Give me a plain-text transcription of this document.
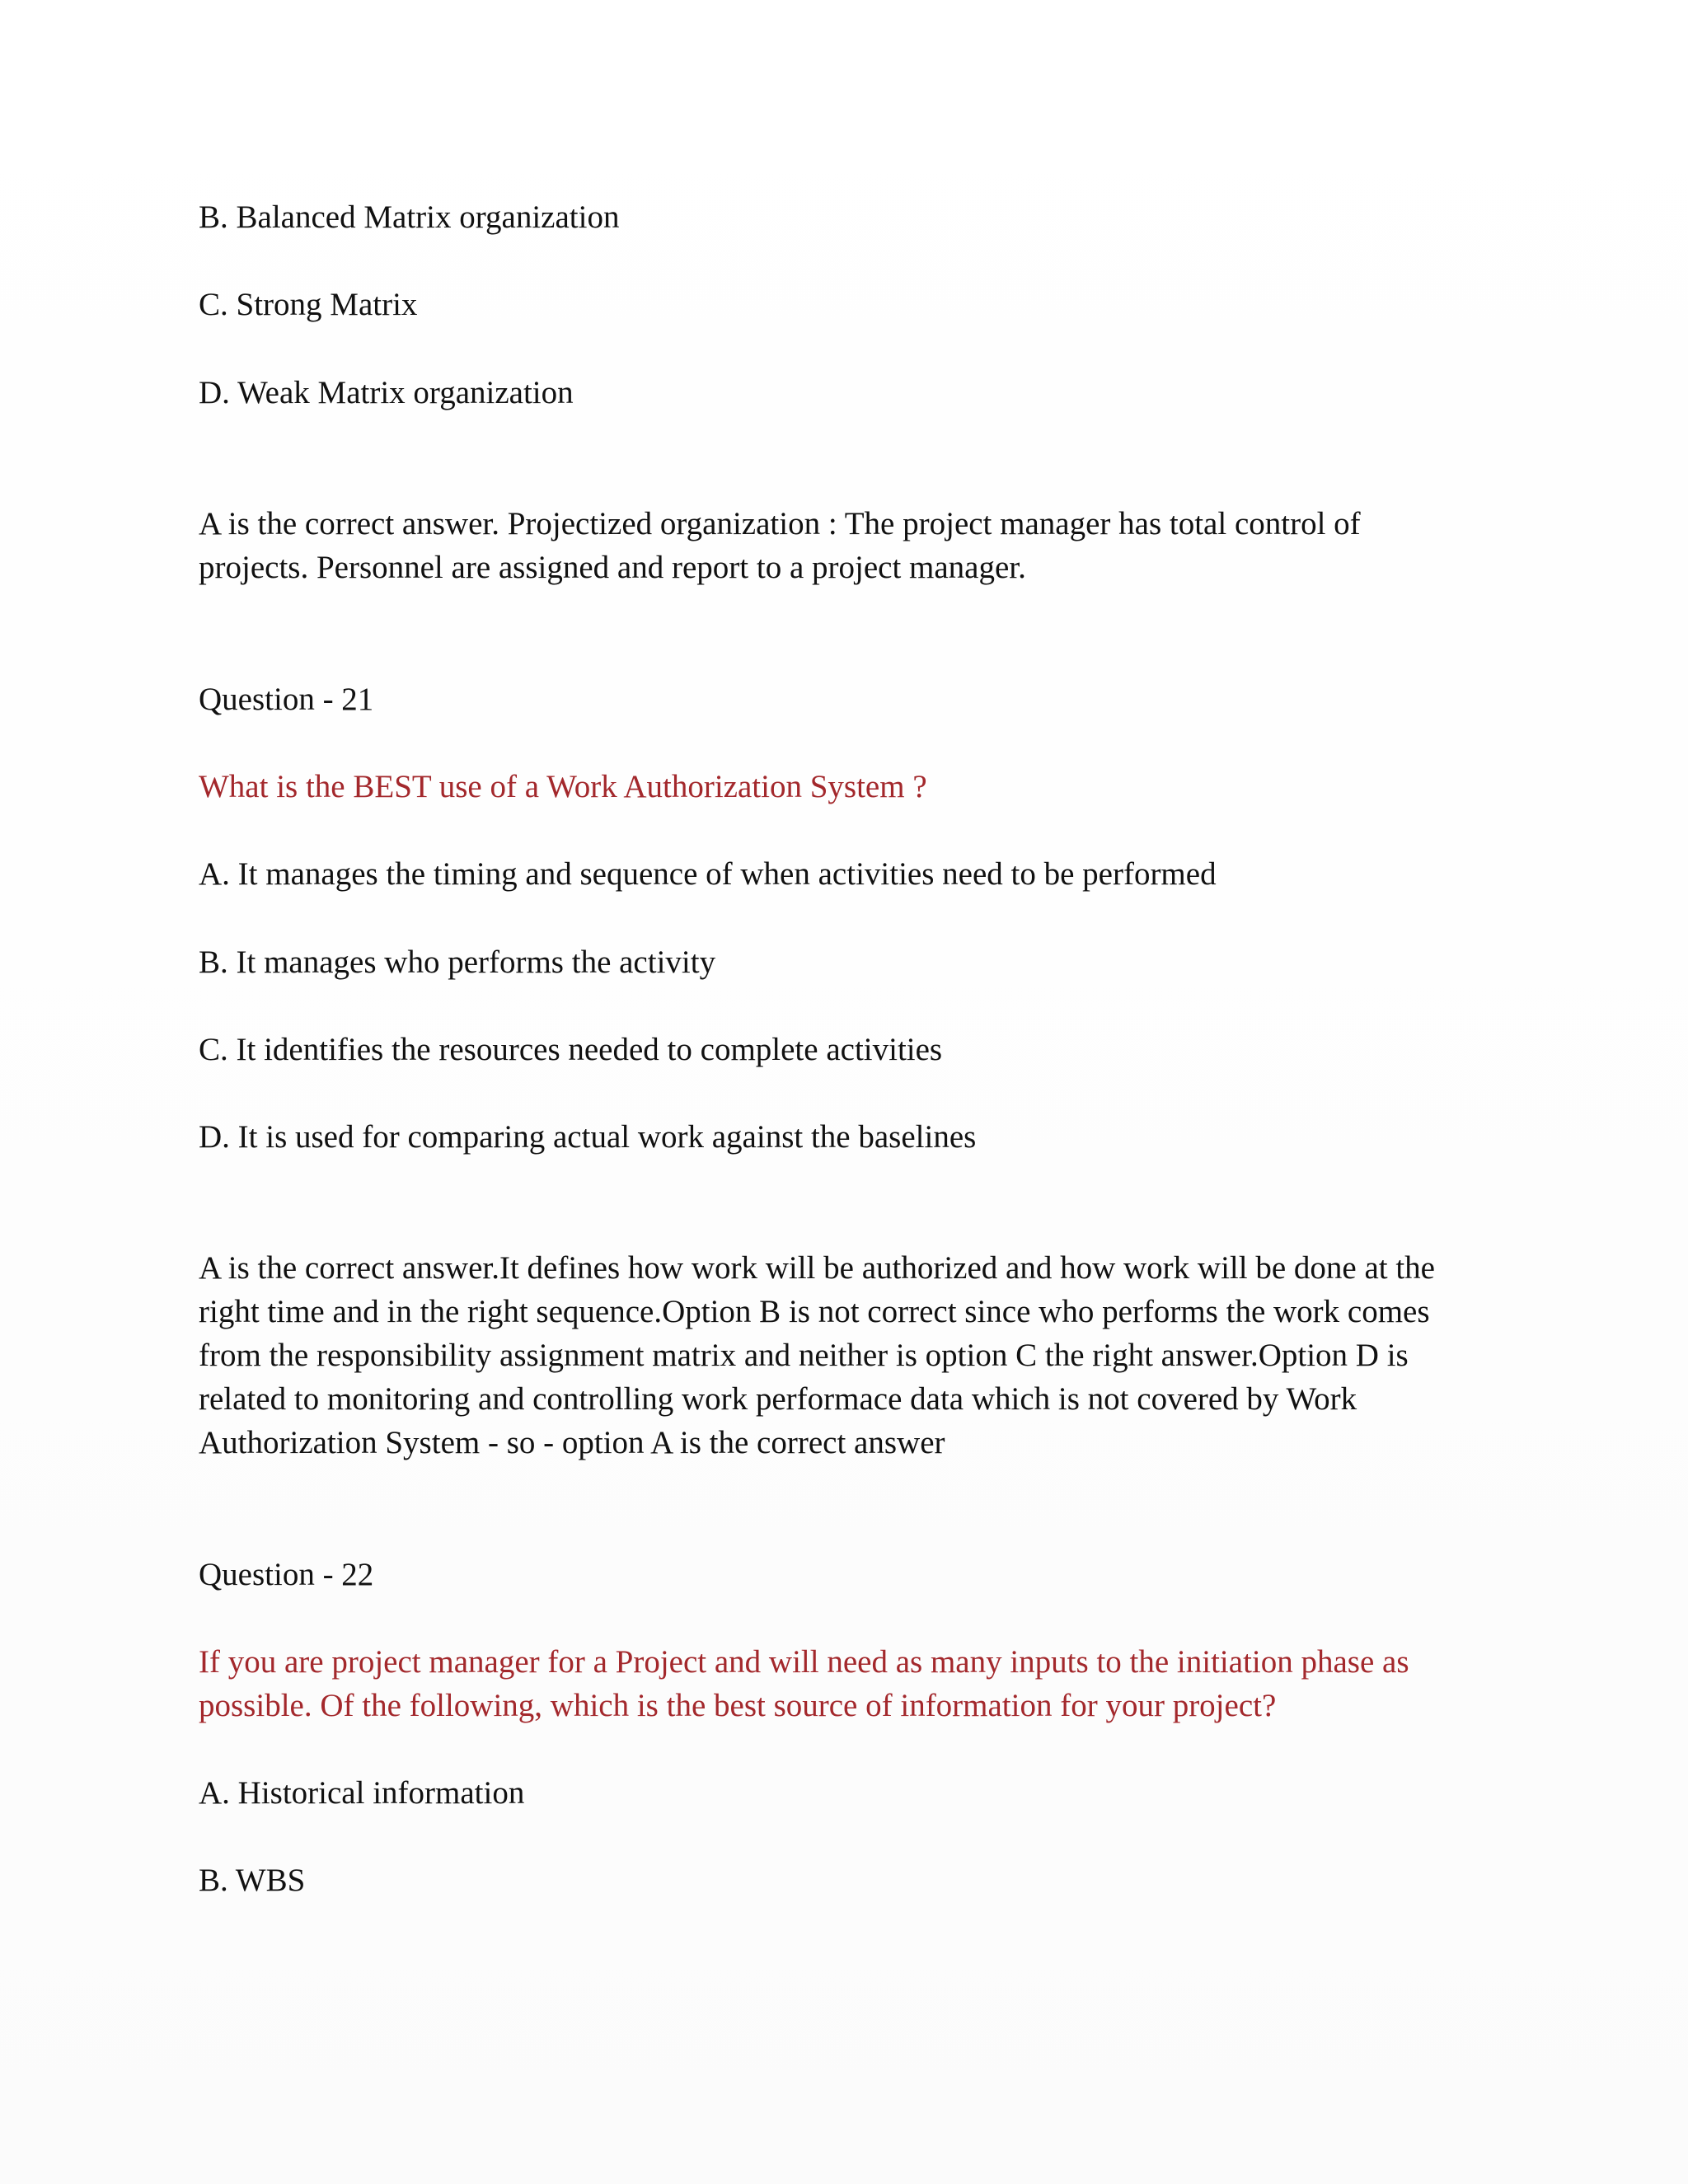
B. Balanced Matrix organization

C. Strong Matrix

D. Weak Matrix organization

A is the correct answer. Projectized organization : The project manager has total control of

projects. Personnel are assigned and report to a project manager.

Question - 21

What is the BEST use of a Work Authorization System ?

A. It manages the timing and sequence of when activities need to be performed

B. It manages who performs the activity

C. It identifies the resources needed to complete activities

D. It is used for comparing actual work against the baselines

A is the correct answer.It defines how work will be authorized and how work will be done at the

right time and in the right sequence.Option B is not correct since who performs the work comes

from the responsibility assignment matrix and neither is option C the right answer.Option D is

related to monitoring and controlling work performace data which is not covered by Work

Authorization System - so - option A is the correct answer

Question - 22

If you are project manager for a Project and will need as many inputs to the initiation phase as

possible. Of the following, which is the best source of information for your project?

A. Historical information

B. WBS
